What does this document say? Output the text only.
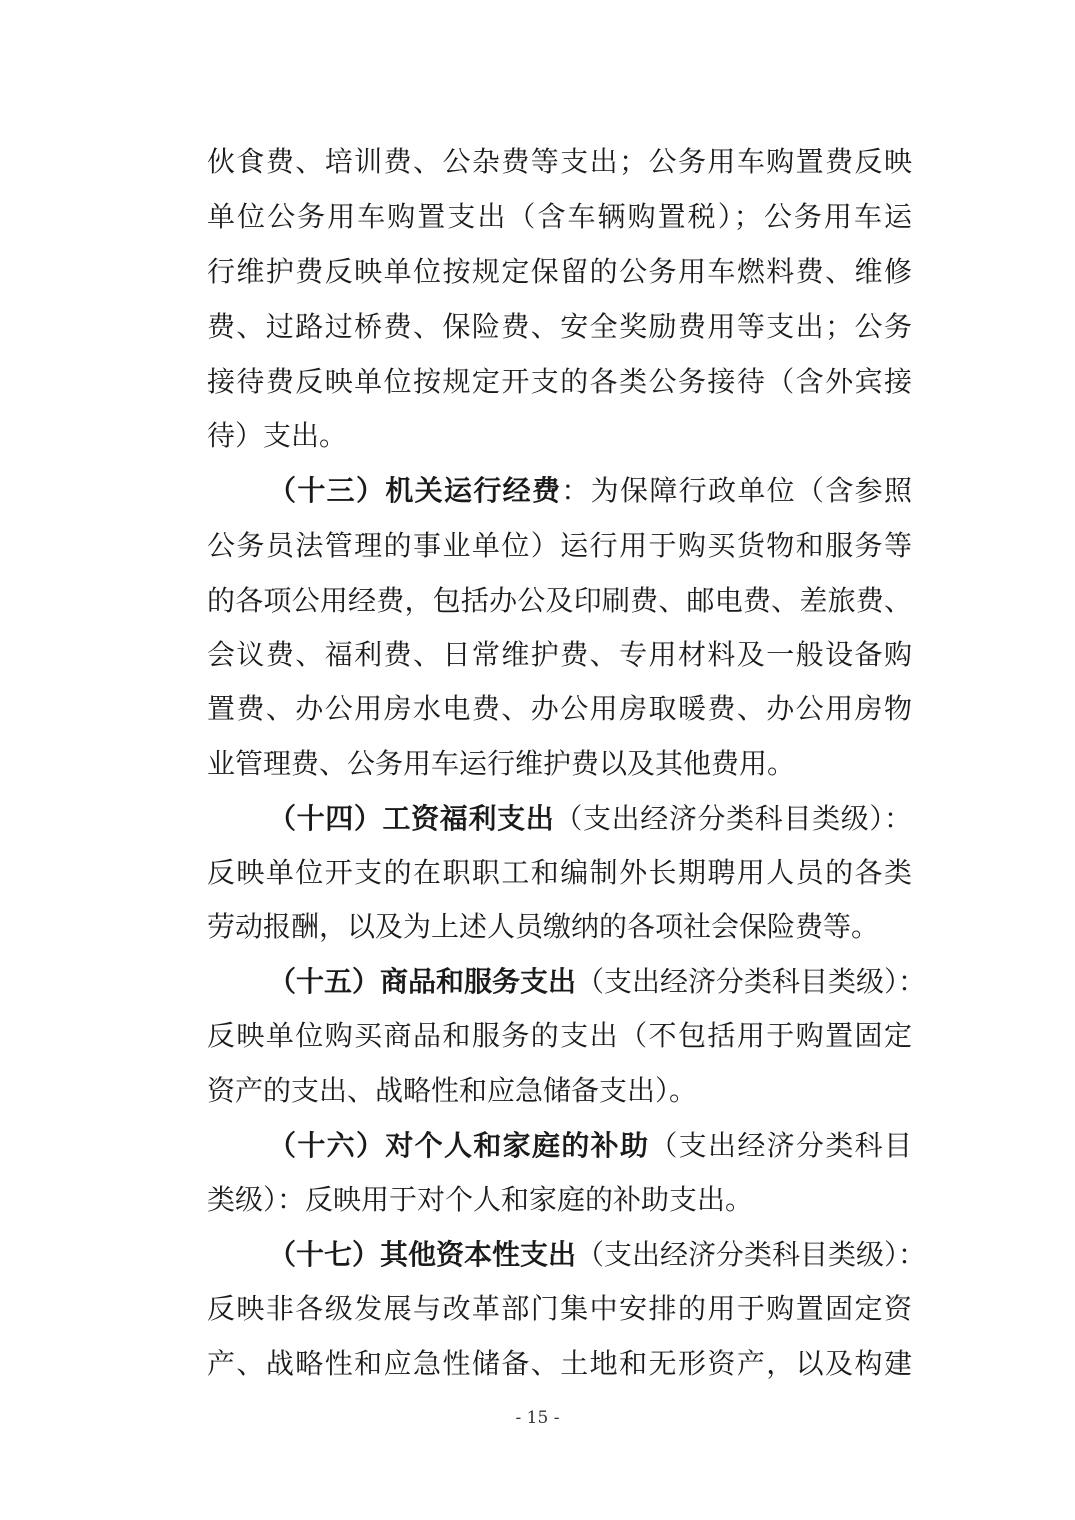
伙食费、培训费、公杂费等支出；公务用车购置费反映
单位公务用车购置支出（含车辆购置税）；公务用车运
行维护费反映单位按规定保留的公务用车燃料费、维修
费、过路过桥费、保险费、安全奖励费用等支出；公务
接待费反映单位按规定开支的各类公务接待（含外宾接
待）支出。
（十三）机关运行经费：为保障行政单位（含参照
公务员法管理的事业单位）运行用于购买货物和服务等
的各项公用经费，包括办公及印刷费、邮电费、差旅费、
会议费、福利费、日常维护费、专用材料及一般设备购
置费、办公用房水电费、办公用房取暖费、办公用房物
业管理费、公务用车运行维护费以及其他费用。
（十四）工资福利支出（支出经济分类科目类级）：
反映单位开支的在职职工和编制外长期聘用人员的各类
劳动报酬，以及为上述人员缴纳的各项社会保险费等。
（十五）商品和服务支出（支出经济分类科目类级）：
反映单位购买商品和服务的支出（不包括用于购置固定
资产的支出、战略性和应急储备支出）。
（十六）对个人和家庭的补助（支出经济分类科目
类级）：反映用于对个人和家庭的补助支出。
（十七）其他资本性支出（支出经济分类科目类级）：
反映非各级发展与改革部门集中安排的用于购置固定资
产、战略性和应急性储备、土地和无形资产，以及构建
- 15 -
